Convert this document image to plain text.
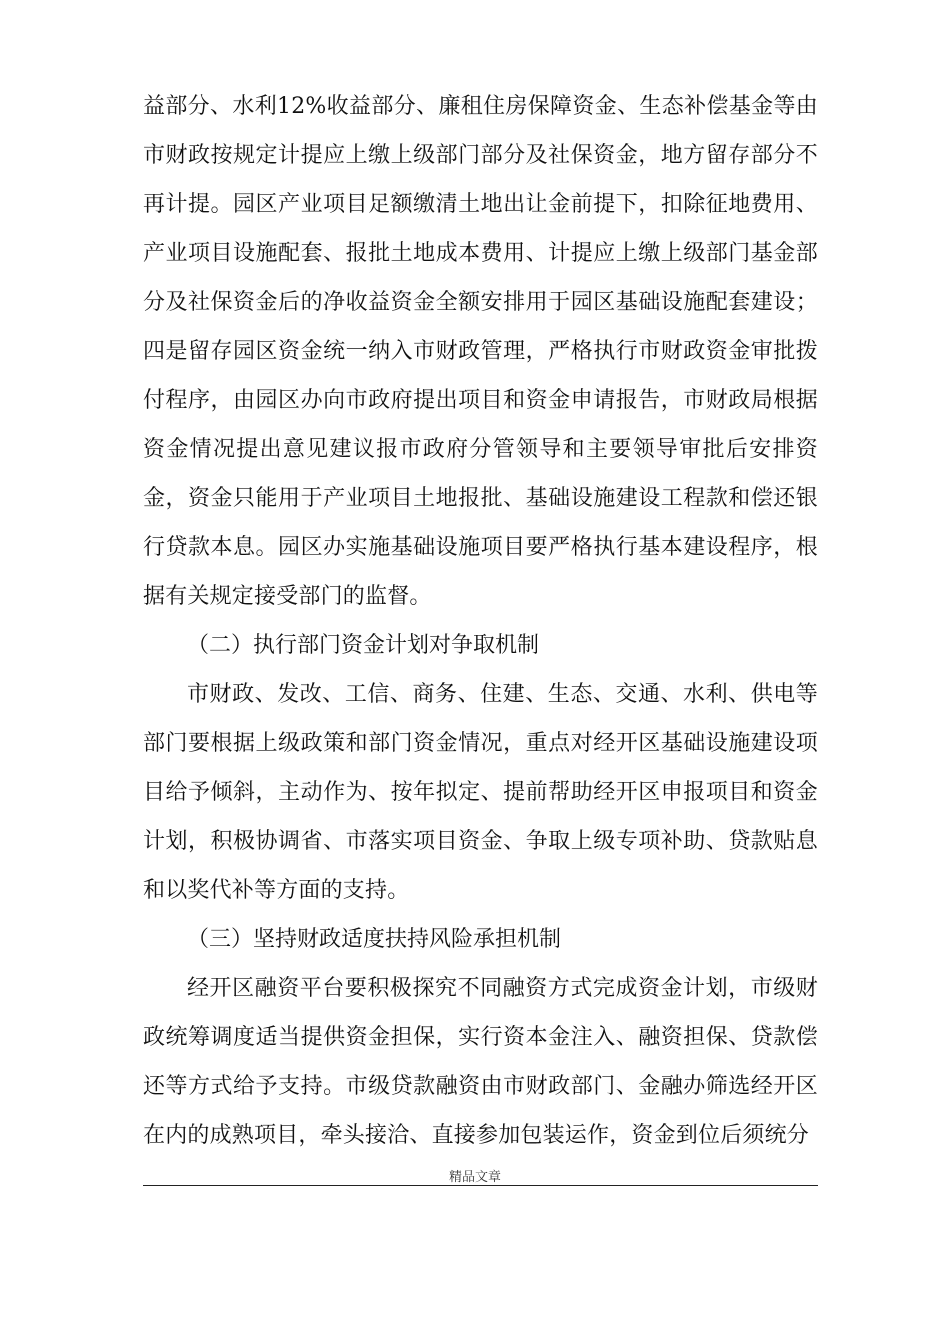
益部分、水利12%收益部分、廉租住房保障资金、生态补偿基金等由市财政按规定计提应上缴上级部门部分及社保资金，地方留存部分不再计提。园区产业项目足额缴清土地出让金前提下，扣除征地费用、产业项目设施配套、报批土地成本费用、计提应上缴上级部门基金部分及社保资金后的净收益资金全额安排用于园区基础设施配套建设；四是留存园区资金统一纳入市财政管理，严格执行市财政资金审批拨付程序，由园区办向市政府提出项目和资金申请报告，市财政局根据资金情况提出意见建议报市政府分管领导和主要领导审批后安排资金，资金只能用于产业项目土地报批、基础设施建设工程款和偿还银行贷款本息。园区办实施基础设施项目要严格执行基本建设程序，根据有关规定接受部门的监督。

（二）执行部门资金计划对争取机制

市财政、发改、工信、商务、住建、生态、交通、水利、供电等部门要根据上级政策和部门资金情况，重点对经开区基础设施建设项目给予倾斜，主动作为、按年拟定、提前帮助经开区申报项目和资金计划，积极协调省、市落实项目资金、争取上级专项补助、贷款贴息和以奖代补等方面的支持。

（三）坚持财政适度扶持风险承担机制

经开区融资平台要积极探究不同融资方式完成资金计划，市级财政统筹调度适当提供资金担保，实行资本金注入、融资担保、贷款偿还等方式给予支持。市级贷款融资由市财政部门、金融办筛选经开区在内的成熟项目，牵头接洽、直接参加包装运作，资金到位后须统分

精品文章
